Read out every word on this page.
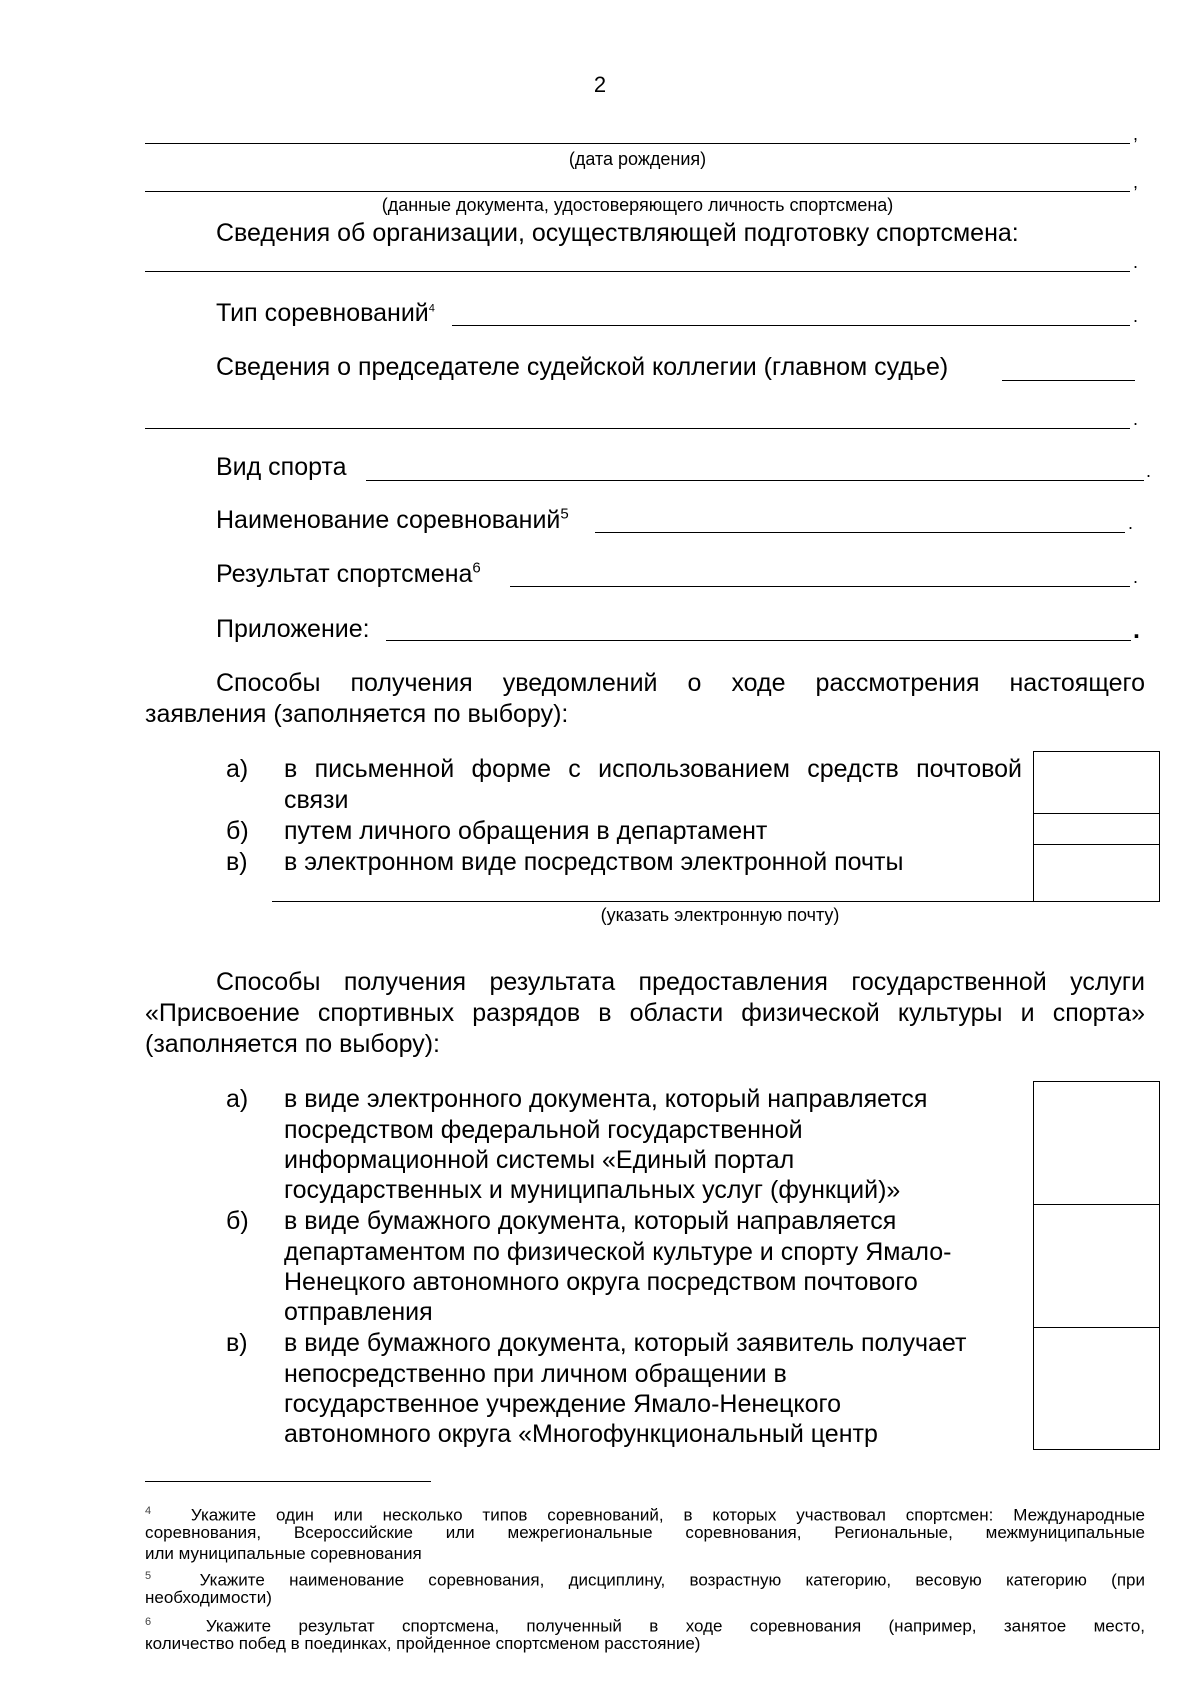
2
,
(дата рождения)
,
(данные документа, удостоверяющего личность спортсмена)
Сведения об организации, осуществляющей подготовку спортсмена:
.
Тип соревнований$^4$	.
Сведения о председателе судейской коллегии (главном судье)
.
Вид спорта	.
Наименование соревнований$^5$	.
Результат спортсмена$^6$	.
Приложение:	.
Способы получения уведомлений о ходе рассмотрения настоящего
заявления (заполняется по выбору):
а) в письменной форме с использованием средств почтовой
связи
б) путем личного обращения в департамент
в) в электронном виде посредством электронной почты
(указать электронную почту)
Способы получения результата предоставления государственной услуги
«Присвоение спортивных разрядов в области физической культуры и спорта»
(заполняется по выбору):
а) в виде электронного документа, который направляется
посредством федеральной государственной
информационной системы «Единый портал
государственных и муниципальных услуг (функций)»
б) в виде бумажного документа, который направляется
департаментом по физической культуре и спорту Ямало-
Ненецкого автономного округа посредством почтового
отправления
в) в виде бумажного документа, который заявитель получает
непосредственно при личном обращении в
государственное учреждение Ямало-Ненецкого
автономного округа «Многофункциональный центр
$^4$ Укажите один или несколько типов соревнований, в которых участвовал спортсмен: Международные
соревнования, Всероссийские или межрегиональные соревнования, Региональные, межмуниципальные
или муниципальные соревнования
$^5$	Укажите наименование соревнования, дисциплину, возрастную категорию, весовую категорию (при
необходимости)
$^6$	Укажите результат спортсмена, полученный в ходе соревнования (например, занятое место,
количество побед в поединках, пройденное спортсменом расстояние)
